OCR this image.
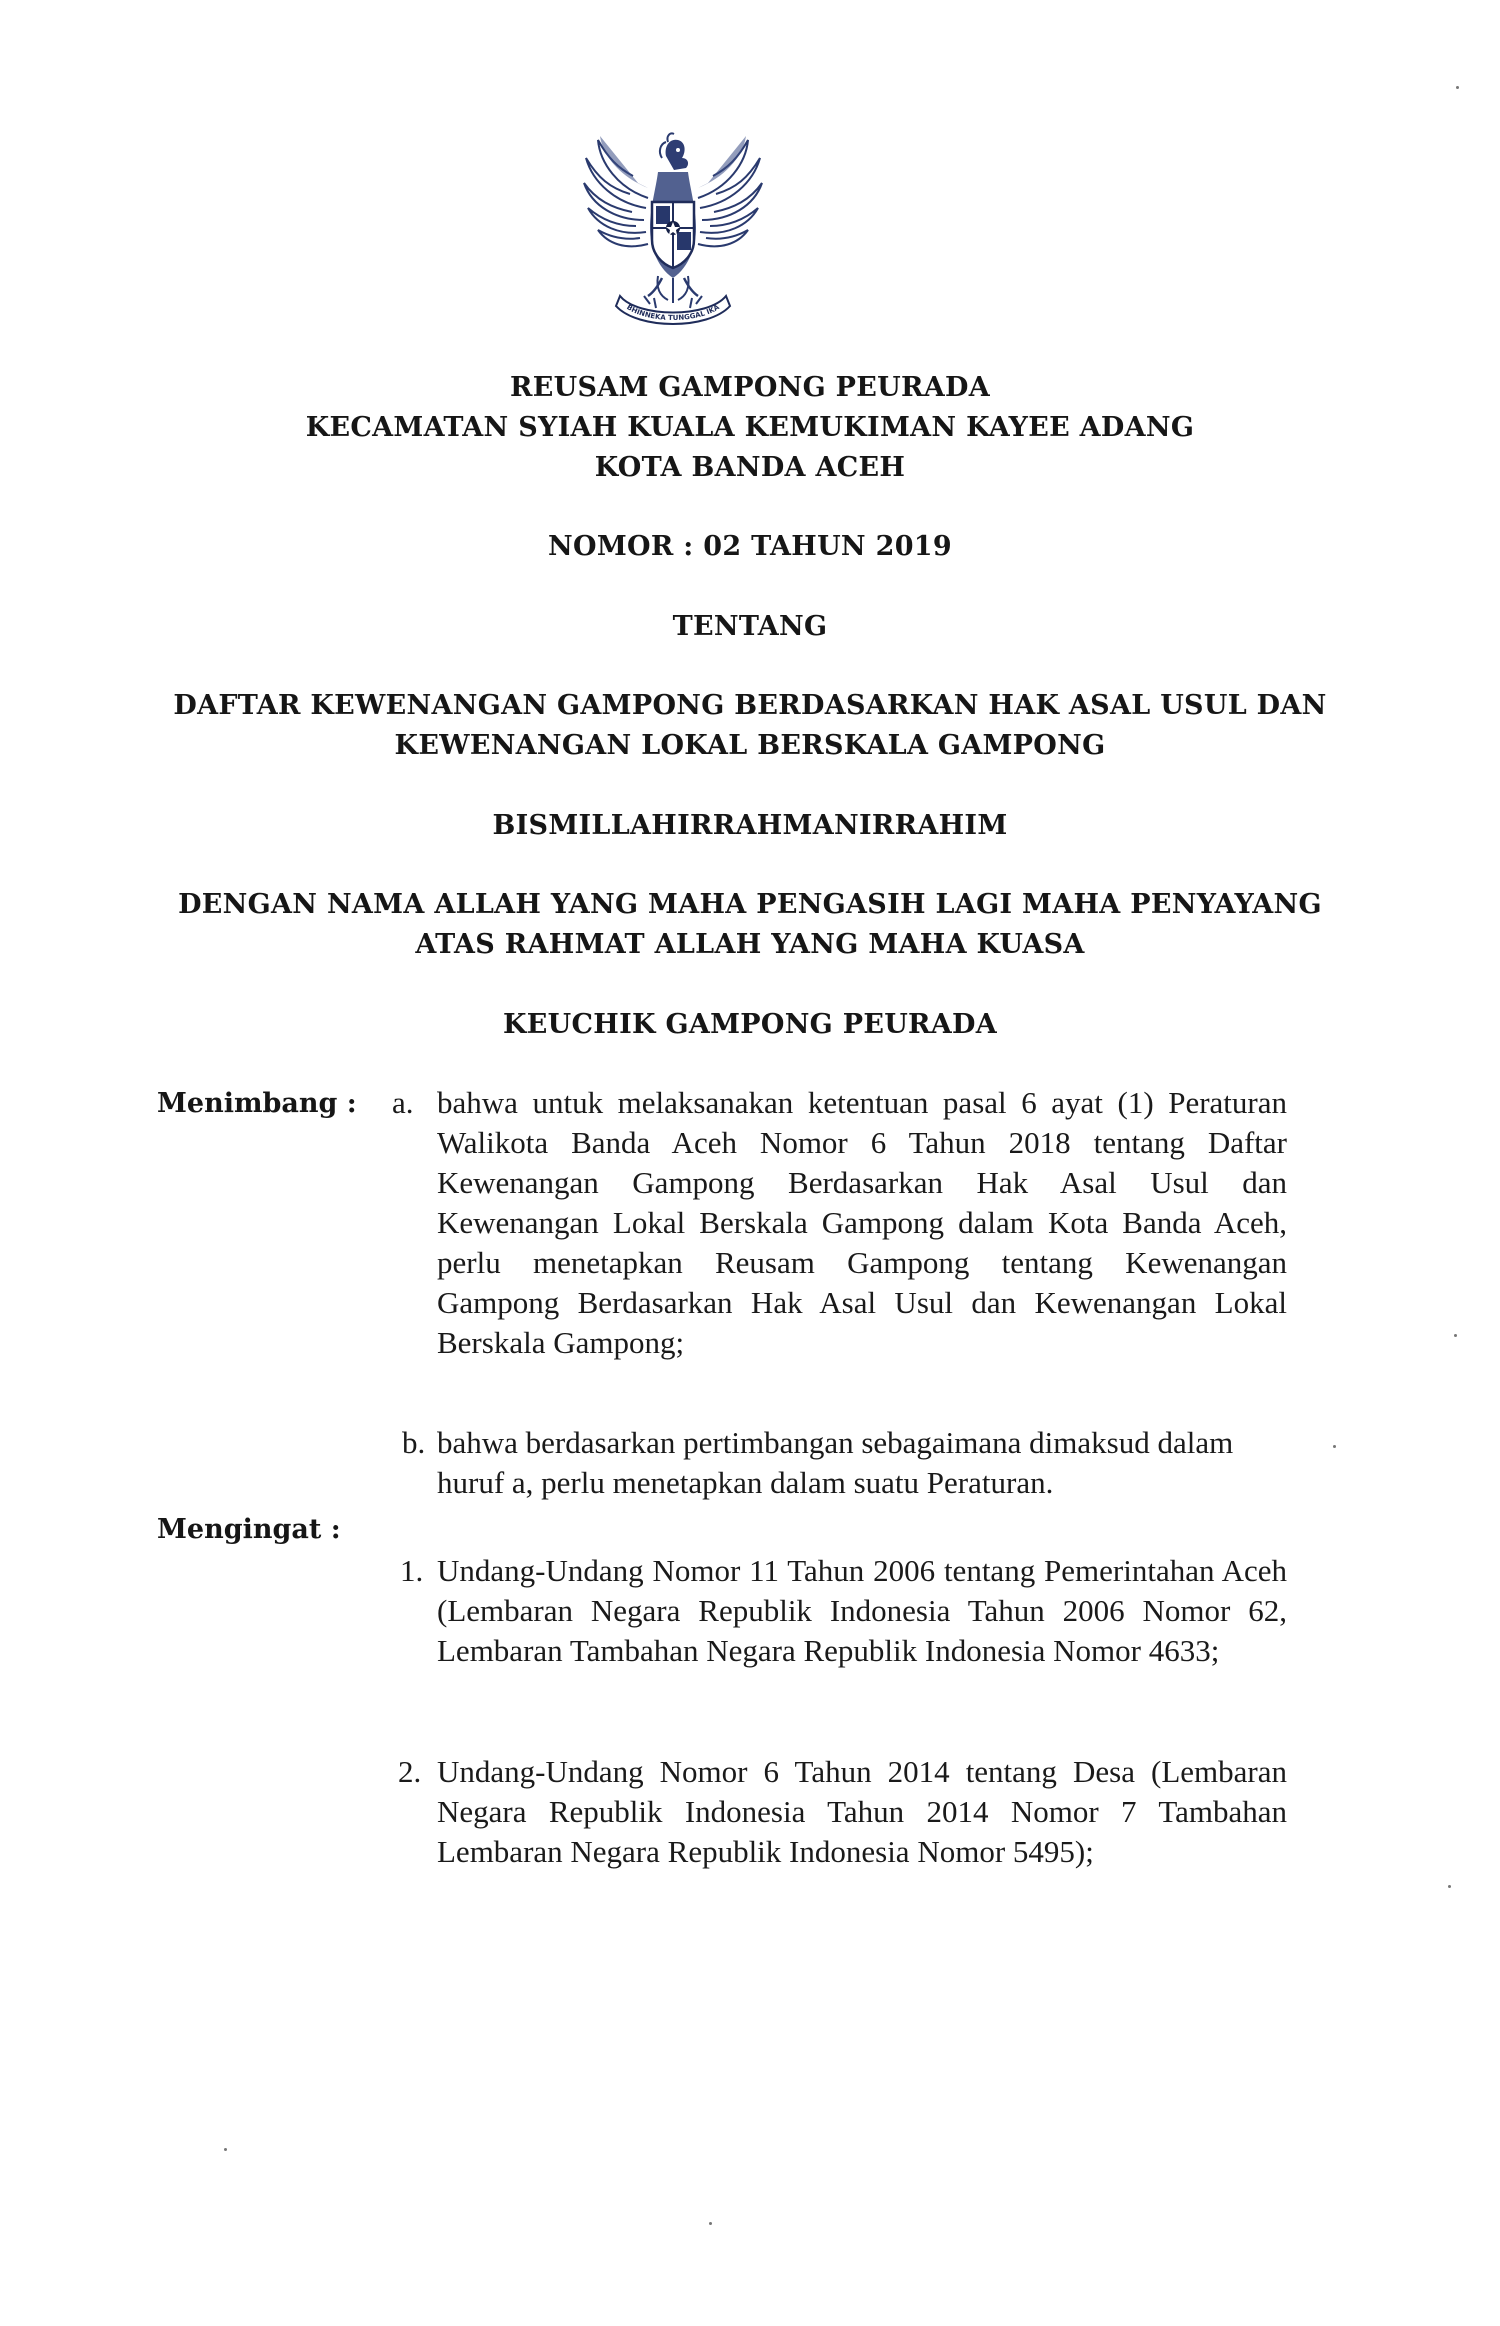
BHINNEKA TUNGGAL IKA
REUSAM GAMPONG PEURADA
KECAMATAN SYIAH KUALA KEMUKIMAN KAYEE ADANG
KOTA BANDA ACEH
NOMOR : 02 TAHUN 2019
TENTANG
DAFTAR KEWENANGAN GAMPONG BERDASARKAN HAK ASAL USUL DAN
KEWENANGAN LOKAL BERSKALA GAMPONG
BISMILLAHIRRAHMANIRRAHIM
DENGAN NAMA ALLAH YANG MAHA PENGASIH LAGI MAHA PENYAYANG
ATAS RAHMAT ALLAH YANG MAHA KUASA
KEUCHIK GAMPONG PEURADA
Menimbang : a. bahwa untuk melaksanakan ketentuan pasal 6 ayat (1) Peraturan Walikota Banda Aceh Nomor 6 Tahun 2018 tentang Daftar Kewenangan Gampong Berdasarkan Hak Asal Usul dan Kewenangan Lokal Berskala Gampong dalam Kota Banda Aceh, perlu menetapkan Reusam Gampong tentang Kewenangan Gampong Berdasarkan Hak Asal Usul dan Kewenangan Lokal Berskala Gampong;
b. bahwa berdasarkan pertimbangan sebagaimana dimaksud dalam huruf a, perlu menetapkan dalam suatu Peraturan.
Mengingat :
1. Undang-Undang Nomor 11 Tahun 2006 tentang Pemerintahan Aceh (Lembaran Negara Republik Indonesia Tahun 2006 Nomor 62, Lembaran Tambahan Negara Republik Indonesia Nomor 4633;
2. Undang-Undang Nomor 6 Tahun 2014 tentang Desa (Lembaran Negara Republik Indonesia Tahun 2014 Nomor 7 Tambahan Lembaran Negara Republik Indonesia Nomor 5495);
